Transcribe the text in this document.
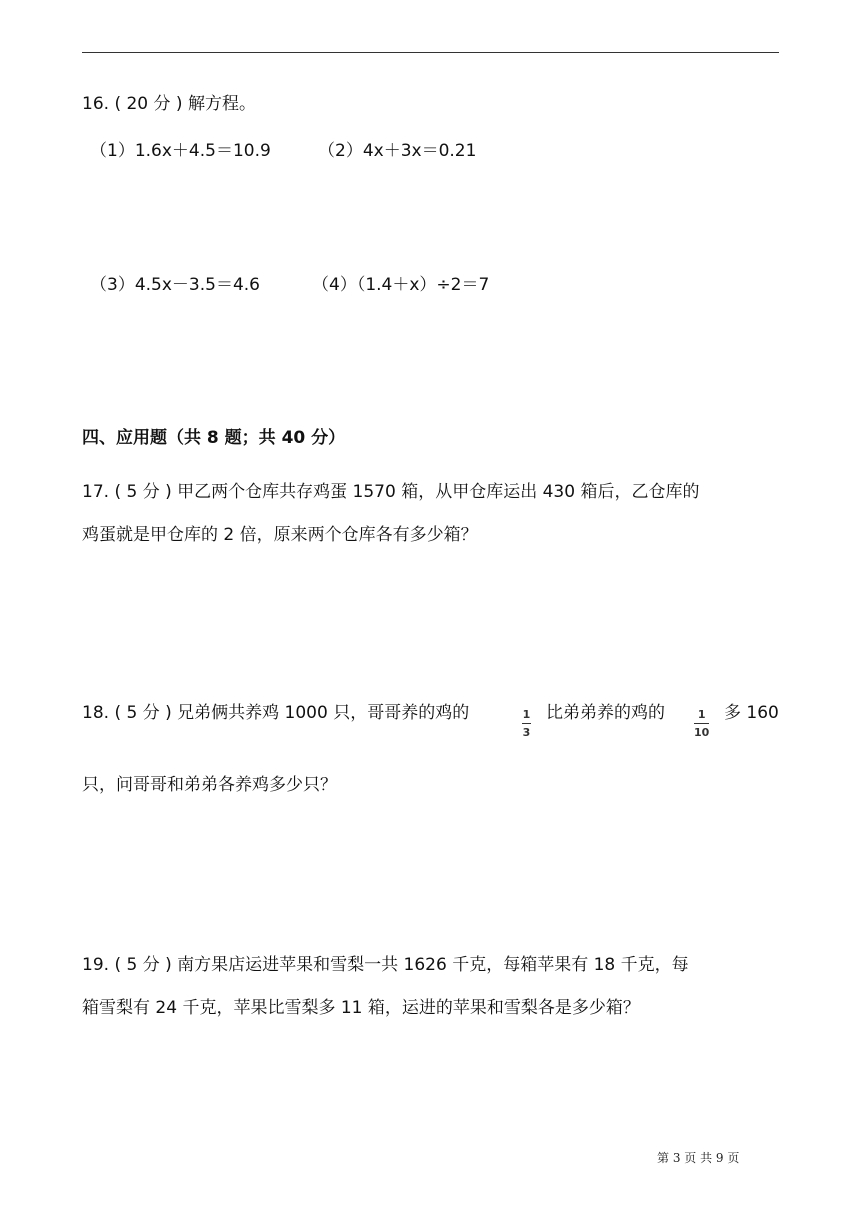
16. ( 20 分 ) 解方程。
（1）1.6x＋4.5＝10.9	（2）4x＋3x＝0.21
（3）4.5x－3.5＝4.6	（4）（1.4＋x）÷2＝7
四、应用题（共 8 题；共 40 分）
17. ( 5 分 ) 甲乙两个仓库共存鸡蛋 1570 箱，从甲仓库运出 430 箱后，乙仓库的
鸡蛋就是甲仓库的 2 倍，原来两个仓库各有多少箱？
18. ( 5 分 ) 兄弟俩共养鸡 1000 只，哥哥养的鸡的	1
3
比弟弟养的鸡的	1
10
多 160
只，问哥哥和弟弟各养鸡多少只？
19. ( 5 分 ) 南方果店运进苹果和雪梨一共 1626 千克，每箱苹果有 18 千克，每
箱雪梨有 24 千克，苹果比雪梨多 11 箱，运进的苹果和雪梨各是多少箱？
第 3 页 共 9 页
